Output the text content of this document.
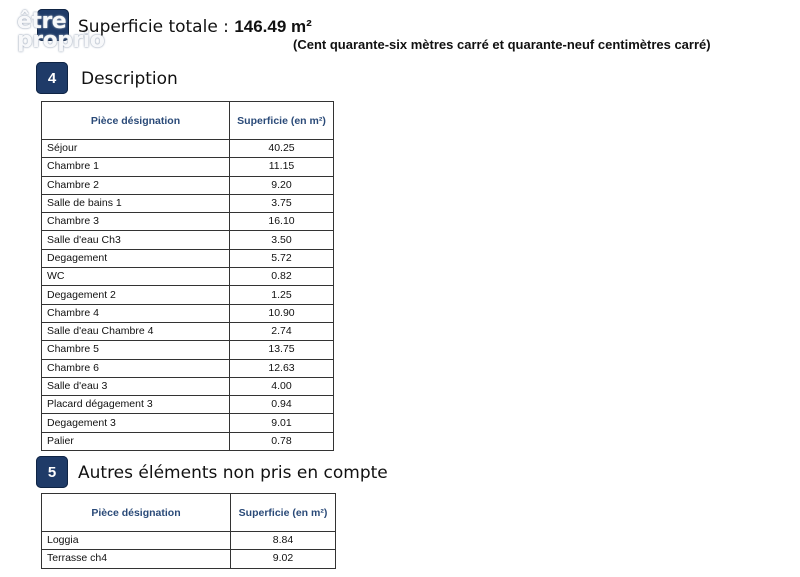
être
proprio
Superficie totale : 146.49 m²
(Cent quarante-six mètres carré et quarante-neuf centimètres carré)
4	Description
Pièce désignation	Superficie (en m²)
Séjour	40.25
Chambre 1	11.15
Chambre 2	9.20
Salle de bains 1	3.75
Chambre 3	16.10
Salle d'eau Ch3	3.50
Degagement	5.72
WC	0.82
Degagement 2	1.25
Chambre 4	10.90
Salle d'eau Chambre 4	2.74
Chambre 5	13.75
Chambre 6	12.63
Salle d'eau 3	4.00
Placard dégagement 3	0.94
Degagement 3	9.01
Palier	0.78
5	Autres éléments non pris en compte
Pièce désignation	Superficie (en m²)
Loggia	8.84
Terrasse ch4	9.02
